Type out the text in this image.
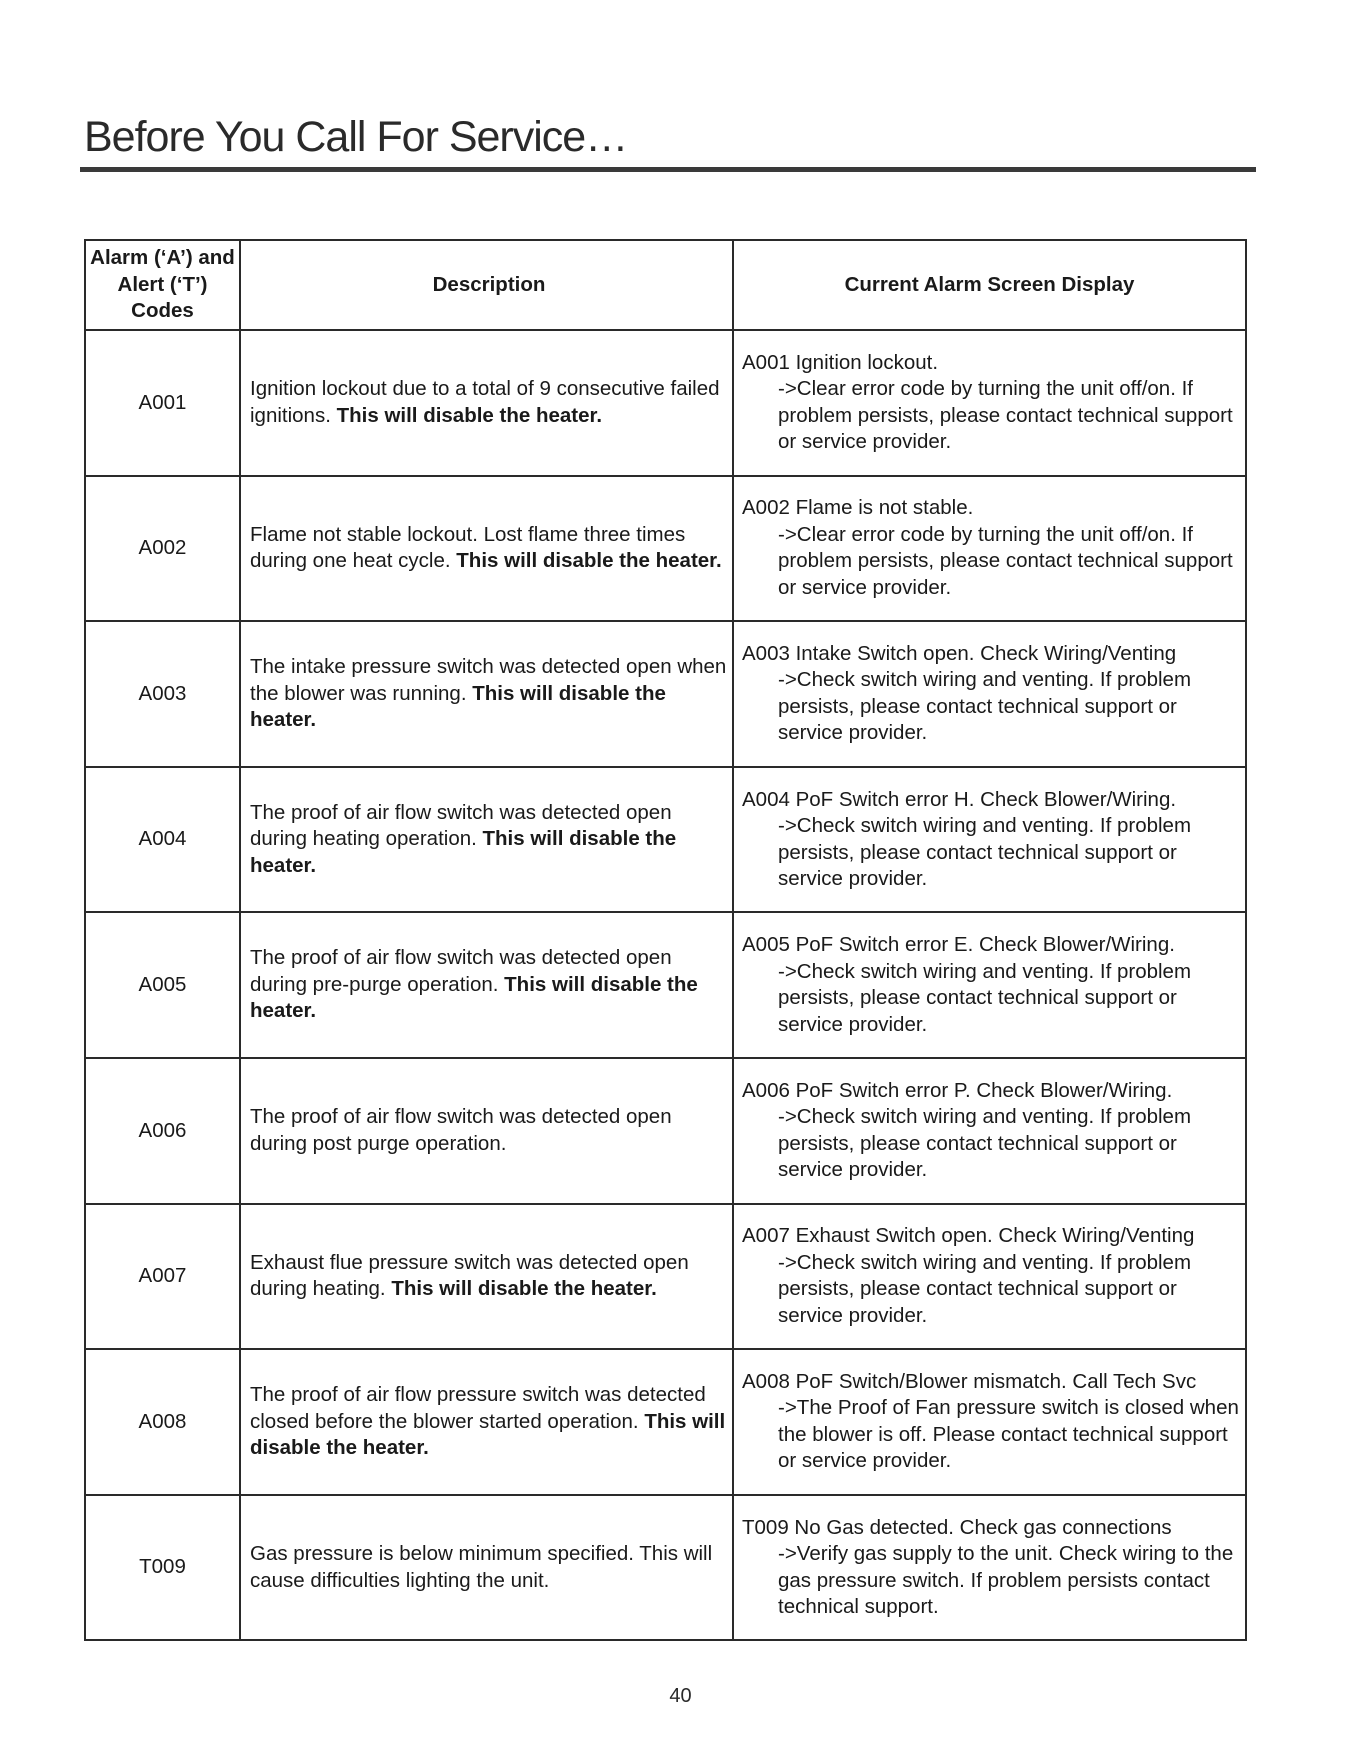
Before You Call For Service…
Alarm (‘A’) and Alert (‘T’) Codes	Description	Current Alarm Screen Display
A001	Ignition lockout due to a total of 9 consecutive failed ignitions. This will disable the heater.	A001 Ignition lockout.
->Clear error code by turning the unit off/on. If problem persists, please contact technical support or service provider.

A002	Flame not stable lockout. Lost flame three times during one heat cycle. This will disable the heater.	A002 Flame is not stable.
->Clear error code by turning the unit off/on. If problem persists, please contact technical support or service provider.

A003	The intake pressure switch was detected open when the blower was running. This will disable the heater.	A003 Intake Switch open. Check Wiring/Venting
->Check switch wiring and venting. If problem persists, please contact technical support or service provider.

A004	The proof of air flow switch was detected open during heating operation. This will disable the heater.	A004 PoF Switch error H. Check Blower/Wiring.
->Check switch wiring and venting. If problem persists, please contact technical support or service provider.

A005	The proof of air flow switch was detected open during pre-purge operation. This will disable the heater.	A005 PoF Switch error E. Check Blower/Wiring.
->Check switch wiring and venting. If problem persists, please contact technical support or service provider.

A006	The proof of air flow switch was detected open during post purge operation.	A006 PoF Switch error P. Check Blower/Wiring.
->Check switch wiring and venting. If problem persists, please contact technical support or service provider.

A007	Exhaust flue pressure switch was detected open during heating. This will disable the heater.	A007 Exhaust Switch open. Check Wiring/Venting
->Check switch wiring and venting. If problem persists, please contact technical support or service provider.

A008	The proof of air flow pressure switch was detected closed before the blower started operation. This will disable the heater.	A008 PoF Switch/Blower mismatch. Call Tech Svc
->The Proof of Fan pressure switch is closed when the blower is off. Please contact technical support or service provider.

T009	Gas pressure is below minimum specified. This will cause difficulties lighting the unit.	T009 No Gas detected. Check gas connections
->Verify gas supply to the unit. Check wiring to the gas pressure switch. If problem persists contact technical support.
40
